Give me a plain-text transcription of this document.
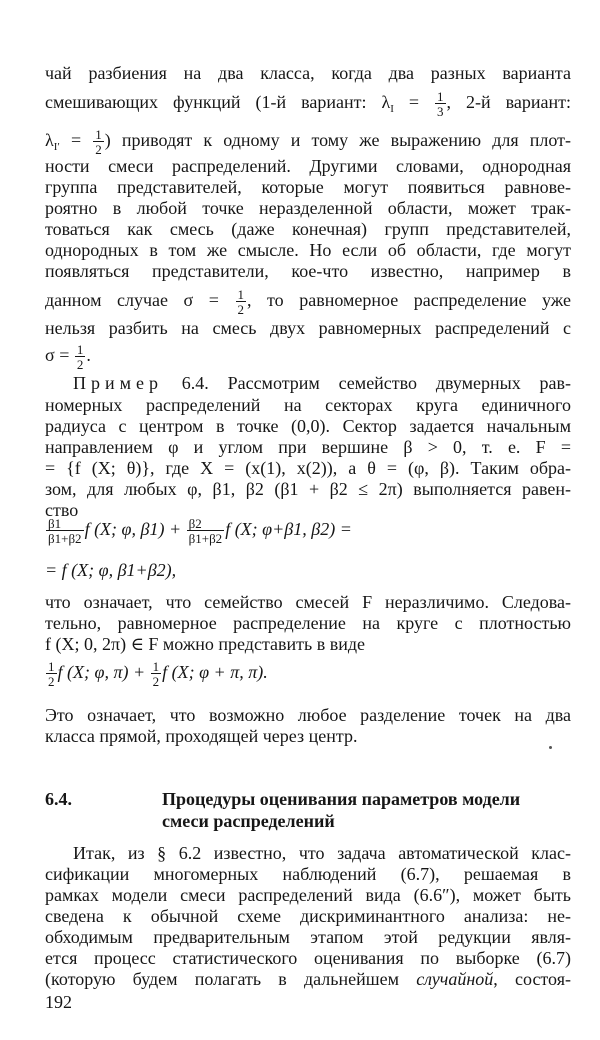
чай разбиения на два класса, когда два разных варианта
смешивающих функций (1-й вариант: $\lambda_I = \frac{1}{3}$ , 2-й вариант:
$\lambda_{I'} = \frac{1}{2}$ ) приводят к одному и тому же выражению для плот-
ности смеси распределений. Другими словами, однородная
группа представителей, которые могут появиться равнове-
роятно в любой точке неразделенной области, может трак-
товаться как смесь (даже конечная) групп представителей,
однородных в том же смысле. Но если об области, где могут
появляться представители, кое-что известно, например в
данном случае $\sigma = \frac{1}{2}$ , то равномерное распределение уже
нельзя разбить на смесь двух равномерных распределений с
$\sigma = \frac{1}{2}$ .
Пример 6.4. Рассмотрим семейство двумерных рав-
номерных распределений на секторах круга единичного
радиуса с центром в точке (0,0). Сектор задается начальным
направлением φ и углом при вершине β > 0, т. е. F =
= {f (X; θ)}, где X = (x(1), x(2)), а θ = (φ, β). Таким обра-
зом, для любых φ, β1, β2 (β1 + β2 ≤ 2π) выполняется равен-
ство
$\frac{\beta 1}{\beta 1+\beta 2}$ f (X; φ, $\beta 1) + \frac{\beta 2}{\beta 1+\beta 2}$ f (X; φ+β1, β2) =
= f (X; φ, β1+β2),
что означает, что семейство смесей F неразличимо. Следова-
тельно, равномерное распределение на круге с плотностью
f (X; 0, 2π) ∈ F можно представить в виде
$\frac{1}{2}$ f (X; φ, $\pi) + \frac{1}{2}$ f (X; φ + π, π).
Это означает, что возможно любое разделение точек на два
класса прямой, проходящей через центр.
6.4.	Процедуры оценивания параметров модели
смеси распределений
Итак, из § 6.2 известно, что задача автоматической клас-
сификации многомерных наблюдений (6.7), решаемая в
рамках модели смеси распределений вида (6.6″), может быть
сведена к обычной схеме дискриминантного анализа: не-
обходимым предварительным этапом этой редукции явля-
ется процесс статистического оценивания по выборке (6.7)
(которую будем полагать в дальнейшем случайной, состоя-
192
